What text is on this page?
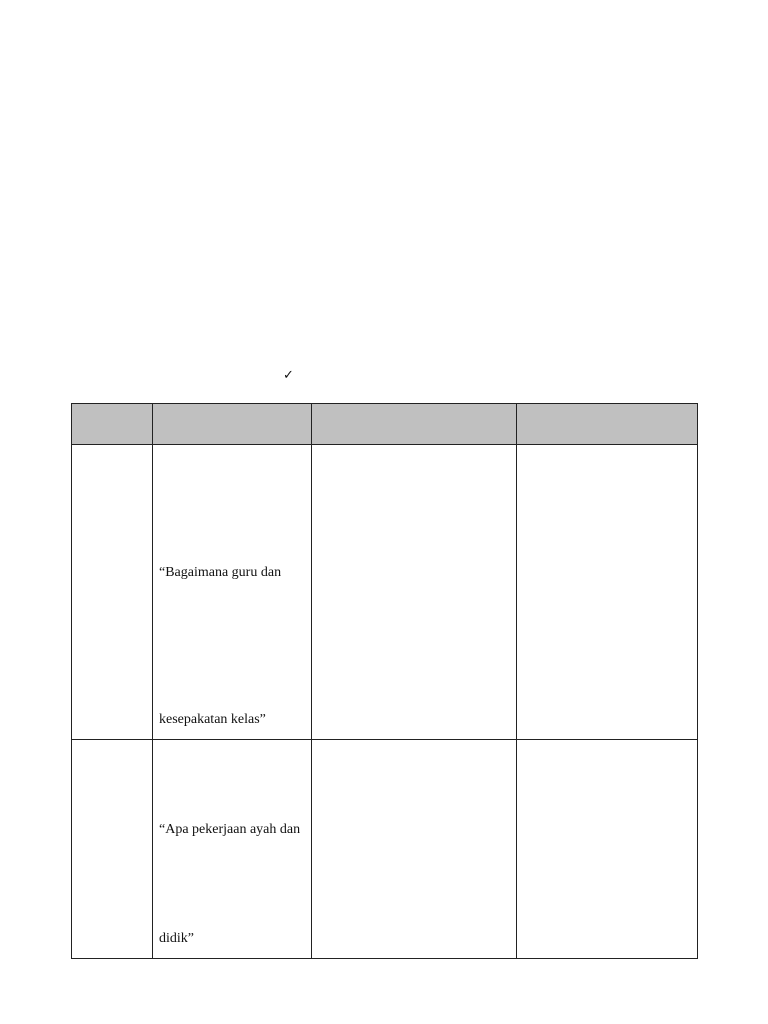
✓

	“Bagaimana guru dan
kesepakatan kelas”		

	“Apa pekerjaan ayah dan
didik”		
